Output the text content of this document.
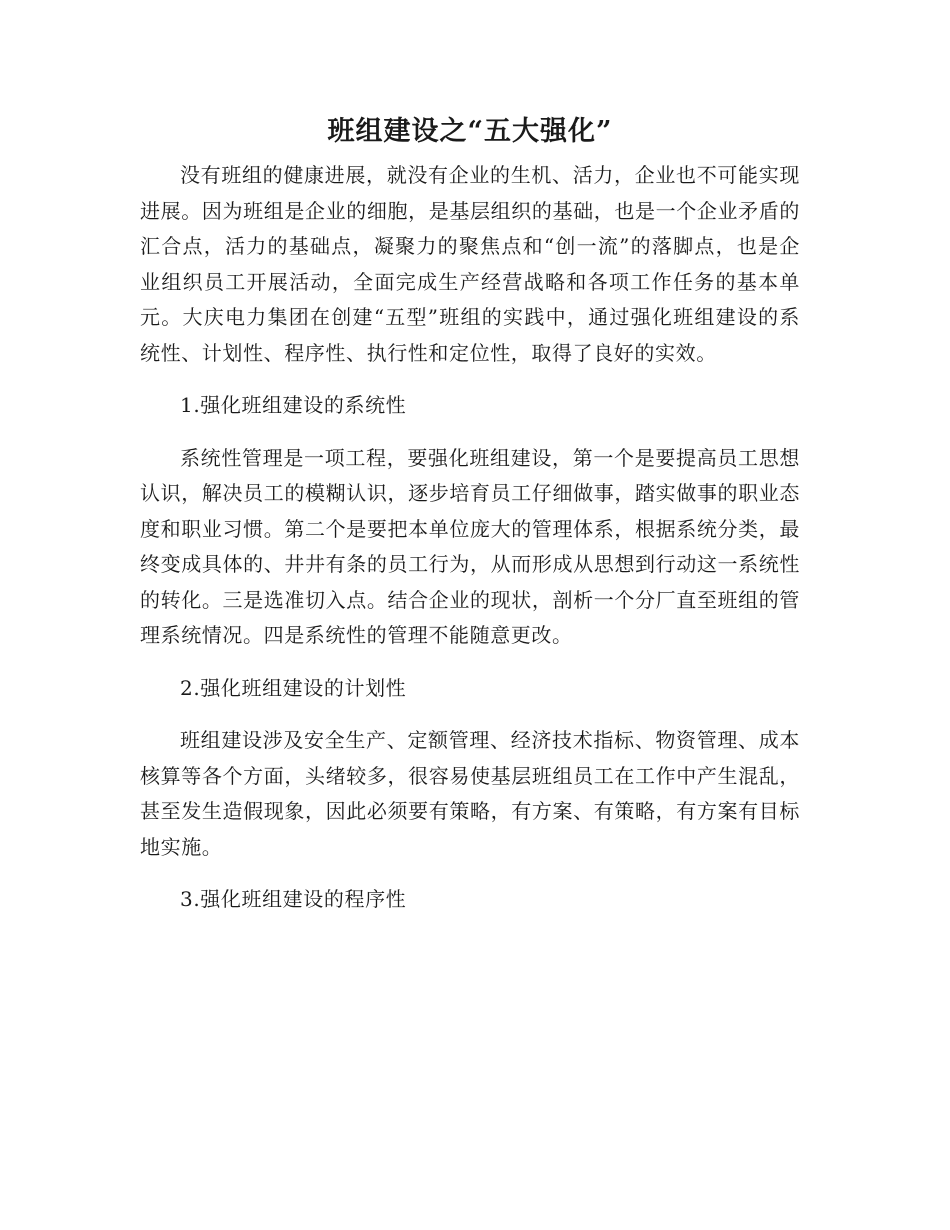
班组建设之“五大强化”

没有班组的健康进展，就没有企业的生机、活力，企业也不可能实现进展。因为班组是企业的细胞，是基层组织的基础，也是一个企业矛盾的汇合点，活力的基础点，凝聚力的聚焦点和“创一流”的落脚点，也是企业组织员工开展活动，全面完成生产经营战略和各项工作任务的基本单元。大庆电力集团在创建“五型”班组的实践中，通过强化班组建设的系统性、计划性、程序性、执行性和定位性，取得了良好的实效。

1.强化班组建设的系统性

系统性管理是一项工程，要强化班组建设，第一个是要提高员工思想认识，解决员工的模糊认识，逐步培育员工仔细做事，踏实做事的职业态度和职业习惯。第二个是要把本单位庞大的管理体系，根据系统分类，最终变成具体的、井井有条的员工行为，从而形成从思想到行动这一系统性的转化。三是选准切入点。结合企业的现状，剖析一个分厂直至班组的管理系统情况。四是系统性的管理不能随意更改。

2.强化班组建设的计划性

班组建设涉及安全生产、定额管理、经济技术指标、物资管理、成本核算等各个方面，头绪较多，很容易使基层班组员工在工作中产生混乱，甚至发生造假现象，因此必须要有策略，有方案、有策略，有方案有目标地实施。

3.强化班组建设的程序性
